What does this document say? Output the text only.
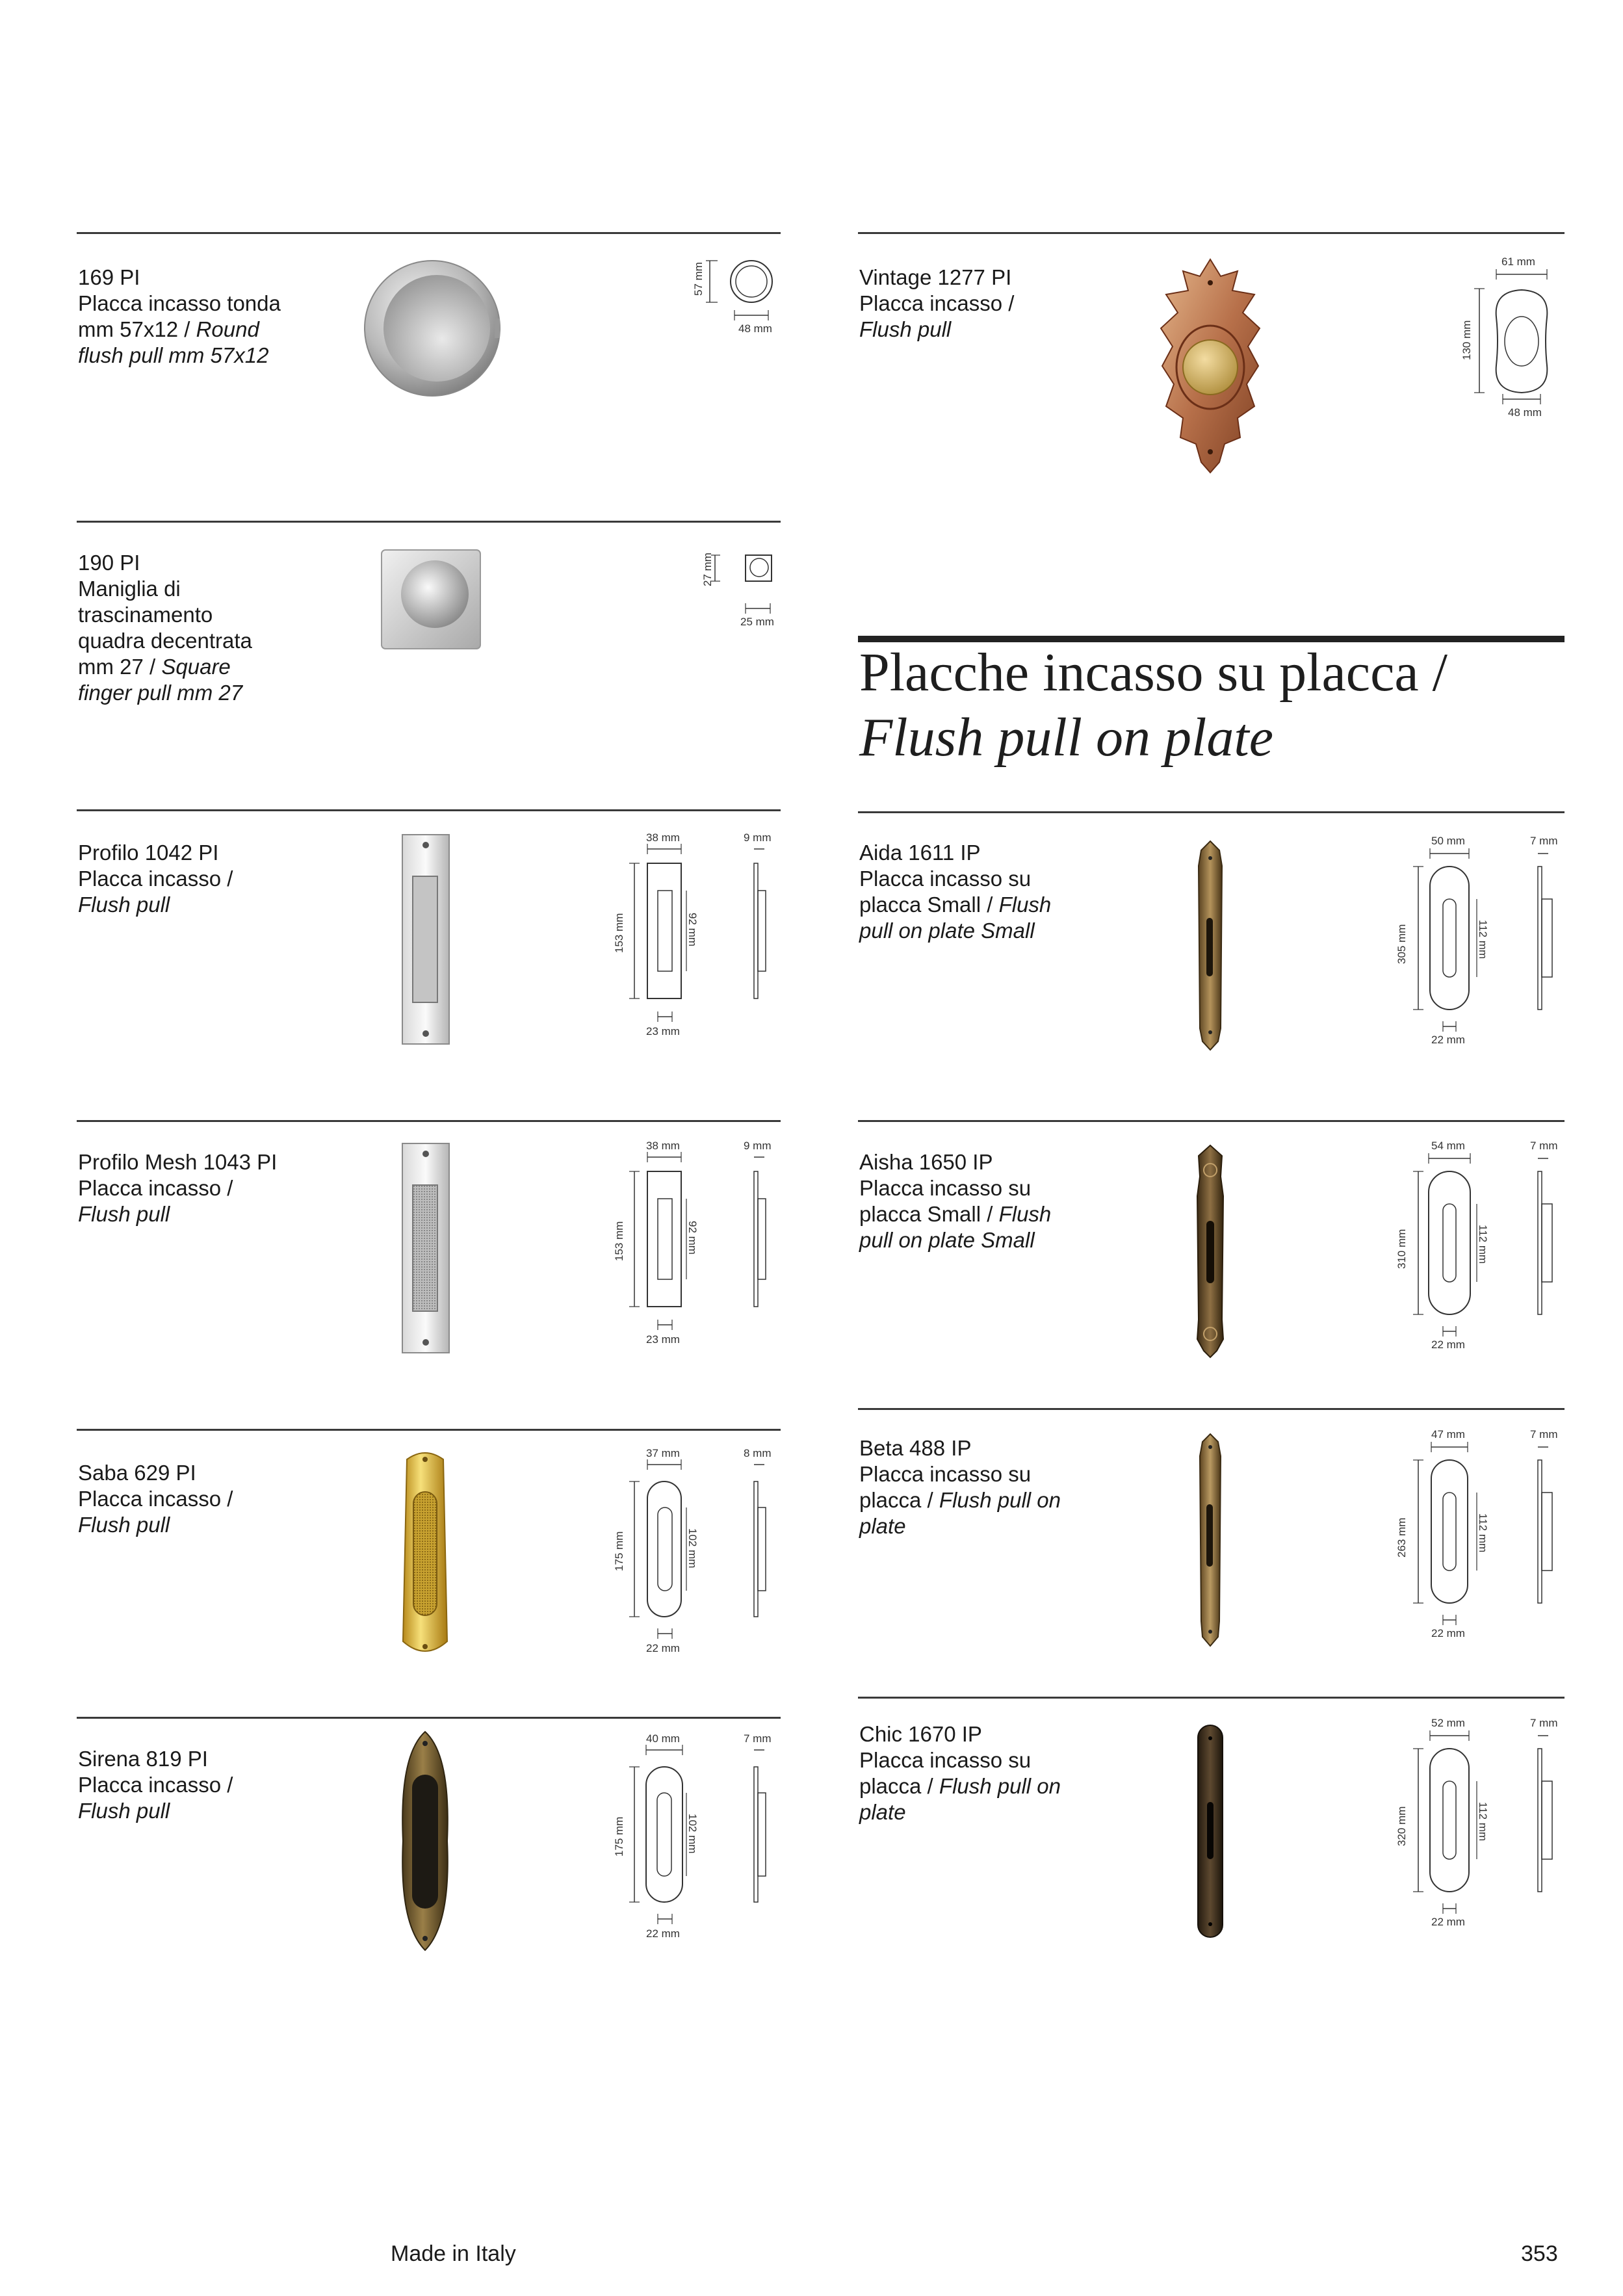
Placche incasso su placca /
Flush pull on plate
169 PI
Placca incasso tonda
mm 57x12 / Round
flush pull mm 57x12
57 mm
48 mm
190 PI
Maniglia di
trascinamento
quadra decentrata
mm 27 / Square
finger pull mm 27
27 mm
25 mm
Profilo 1042 PI
Placca incasso /
Flush pull
38 mm
153 mm	92 mm
23 mm
9 mm
Profilo Mesh 1043 PI
Placca incasso /
Flush pull
38 mm
153 mm	92 mm
23 mm
9 mm
Saba 629 PI
Placca incasso /
Flush pull
37 mm
175 mm	102 mm
22 mm
8 mm
Sirena 819 PI
Placca incasso /
Flush pull
40 mm
175 mm	102 mm
22 mm
7 mm
Vintage 1277 PI
Placca incasso /
Flush pull
61 mm
130 mm
48 mm
Aida 1611 IP
Placca incasso su
placca Small / Flush
pull on plate Small
50 mm
305 mm	112 mm
22 mm
7 mm
Aisha 1650 IP
Placca incasso su
placca Small / Flush
pull on plate Small
54 mm
310 mm	112 mm
22 mm
7 mm
Beta 488 IP
Placca incasso su
placca / Flush pull on
plate
47 mm
263 mm	112 mm
22 mm
7 mm
Chic 1670 IP
Placca incasso su
placca / Flush pull on
plate
52 mm
320 mm	112 mm
22 mm
7 mm
Made in Italy	353
